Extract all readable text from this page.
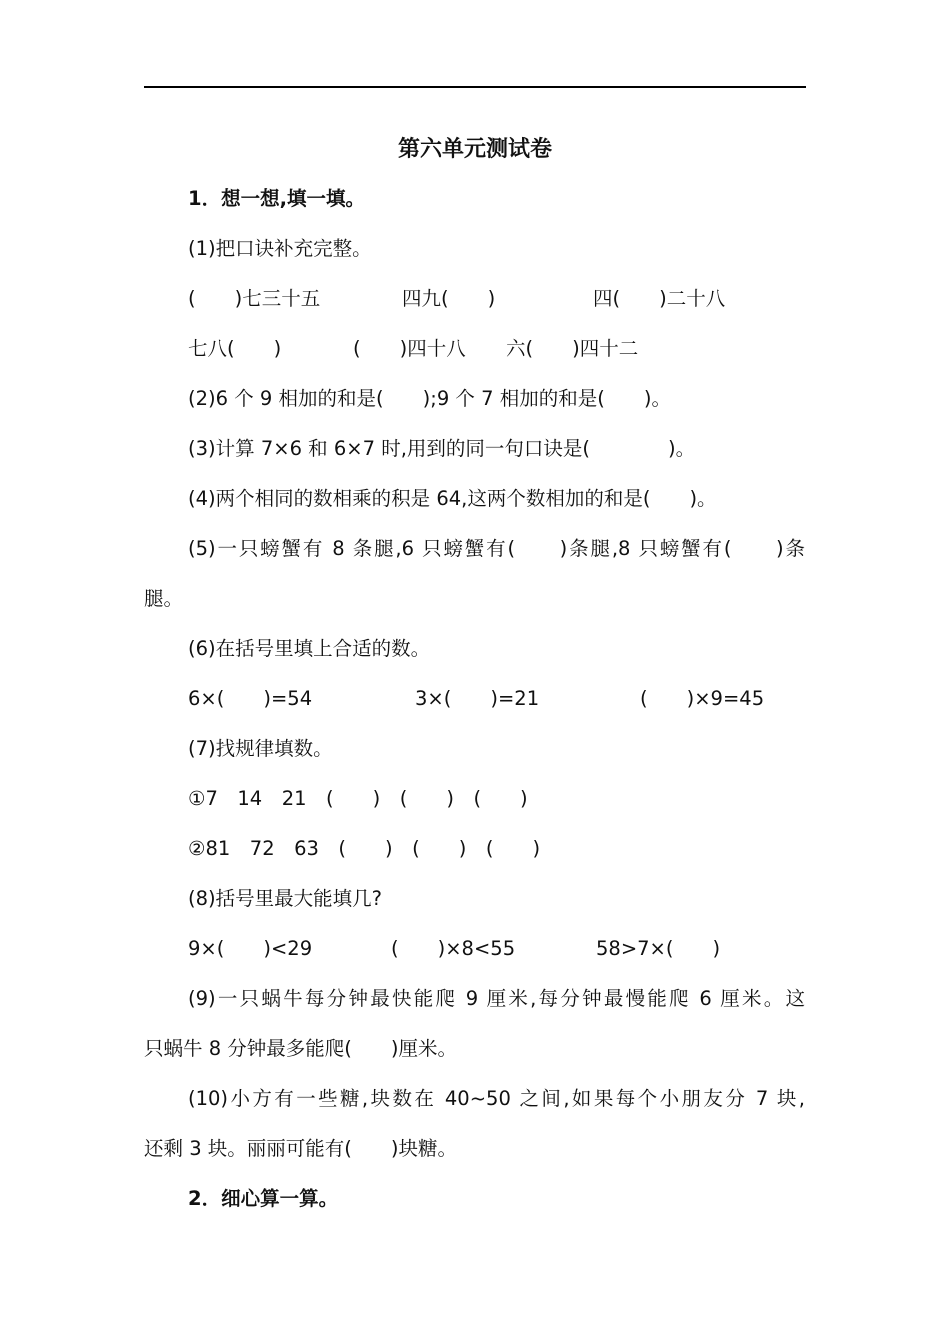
第六单元测试卷
1．想一想,填一填。
(1)把口诀补充完整。

(　　)七三十五

	四九(　　)

	四(　　)二十八

七八(　　)

	(　　)四十八

六(　　)四十二

(2)6 个 9 相加的和是(　　);9 个 7 相加的和是(　　)。
(3)计算 7×6 和 6×7 时,用到的同一句口诀是(　　　　)。
(4)两个相同的数相乘的积是 64,这两个数相加的和是(　　)。
(5)一只螃蟹有 8 条腿,6 只螃蟹有(　　)条腿,8 只螃蟹有(　　)条
腿。
(6)在括号里填上合适的数。

6×(　　)=54

	3×(　　)=21

	(　　)×9=45

(7)找规律填数。
①7　14　21　(　　)　(　　)　(　　)
②81　72　63　(　　)　(　　)　(　　)
(8)括号里最大能填几?

9×(　　)<29

	(　　)×8<55

	58>7×(　　)

(9)一只蜗牛每分钟最快能爬 9 厘米,每分钟最慢能爬 6 厘米。这
只蜗牛 8 分钟最多能爬(　　)厘米。
(10)小方有一些糖,块数在 40~50 之间,如果每个小朋友分 7 块,
还剩 3 块。丽丽可能有(　　)块糖。
2．细心算一算。
